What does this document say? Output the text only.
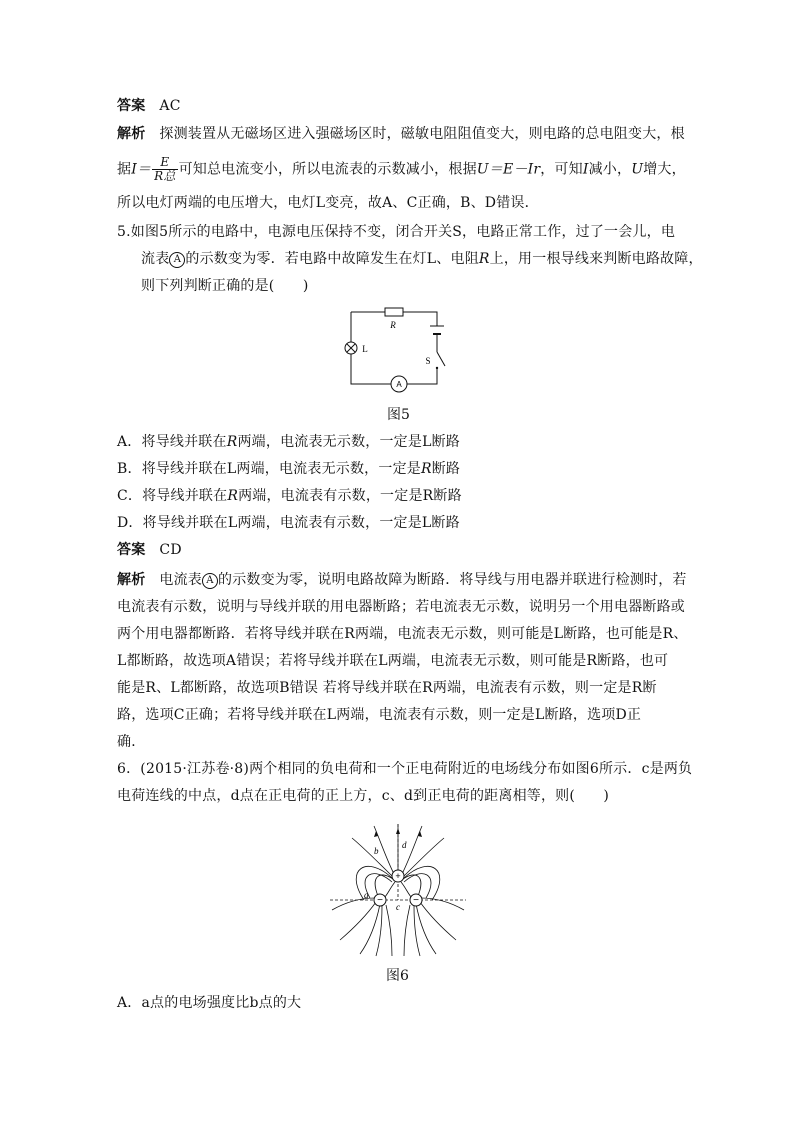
答案 AC
解析 探测装置从无磁场区进入强磁场区时，磁敏电阻阻值变大，则电路的总电阻变大，根
据$I= \frac{E}{\text{R总}}$ 可知总电流变小，所以电流表的示数减小，根据U＝E－Ir，可知I减小，U增大，
所以电灯两端的电压增大，电灯L变亮，故A、C正确，B、D错误．
5.如图5所示的电路中，电源电压保持不变，闭合开关S，电路正常工作，过了一会儿，电
流表 A 的示数变为零．若电路中故障发生在灯L、电阻R上，用一根导线来判断电路故障，
则下列判断正确的是(　　)
R
S
L
A
图5
A．将导线并联在R两端，电流表无示数，一定是L断路
B．将导线并联在L两端，电流表无示数，一定是R断路
C．将导线并联在R两端，电流表有示数，一定是R断路
D．将导线并联在L两端，电流表有示数，一定是L断路
答案 CD
解析 电流表 A 的示数变为零，说明电路故障为断路．将导线与用电器并联进行检测时，若
电流表有示数，说明与导线并联的用电器断路；若电流表无示数，说明另一个用电器断路或
两个用电器都断路．若将导线并联在R两端，电流表无示数，则可能是L断路，也可能是R、
L都断路，故选项A错误；若将导线并联在L两端，电流表无示数，则可能是R断路，也可
能是R、L都断路，故选项B错误 若将导线并联在R两端，电流表有示数，则一定是R断
路，选项C正确；若将导线并联在L两端，电流表有示数，则一定是L断路，选项D正
确．
6．(2015·江苏卷·8)两个相同的负电荷和一个正电荷附近的电场线分布如图6所示．c是两负
电荷连线的中点，d点在正电荷的正上方，c、d到正电荷的距离相等，则(　　)
+
−	−
d
b
a
c
图6
A．a点的电场强度比b点的大
